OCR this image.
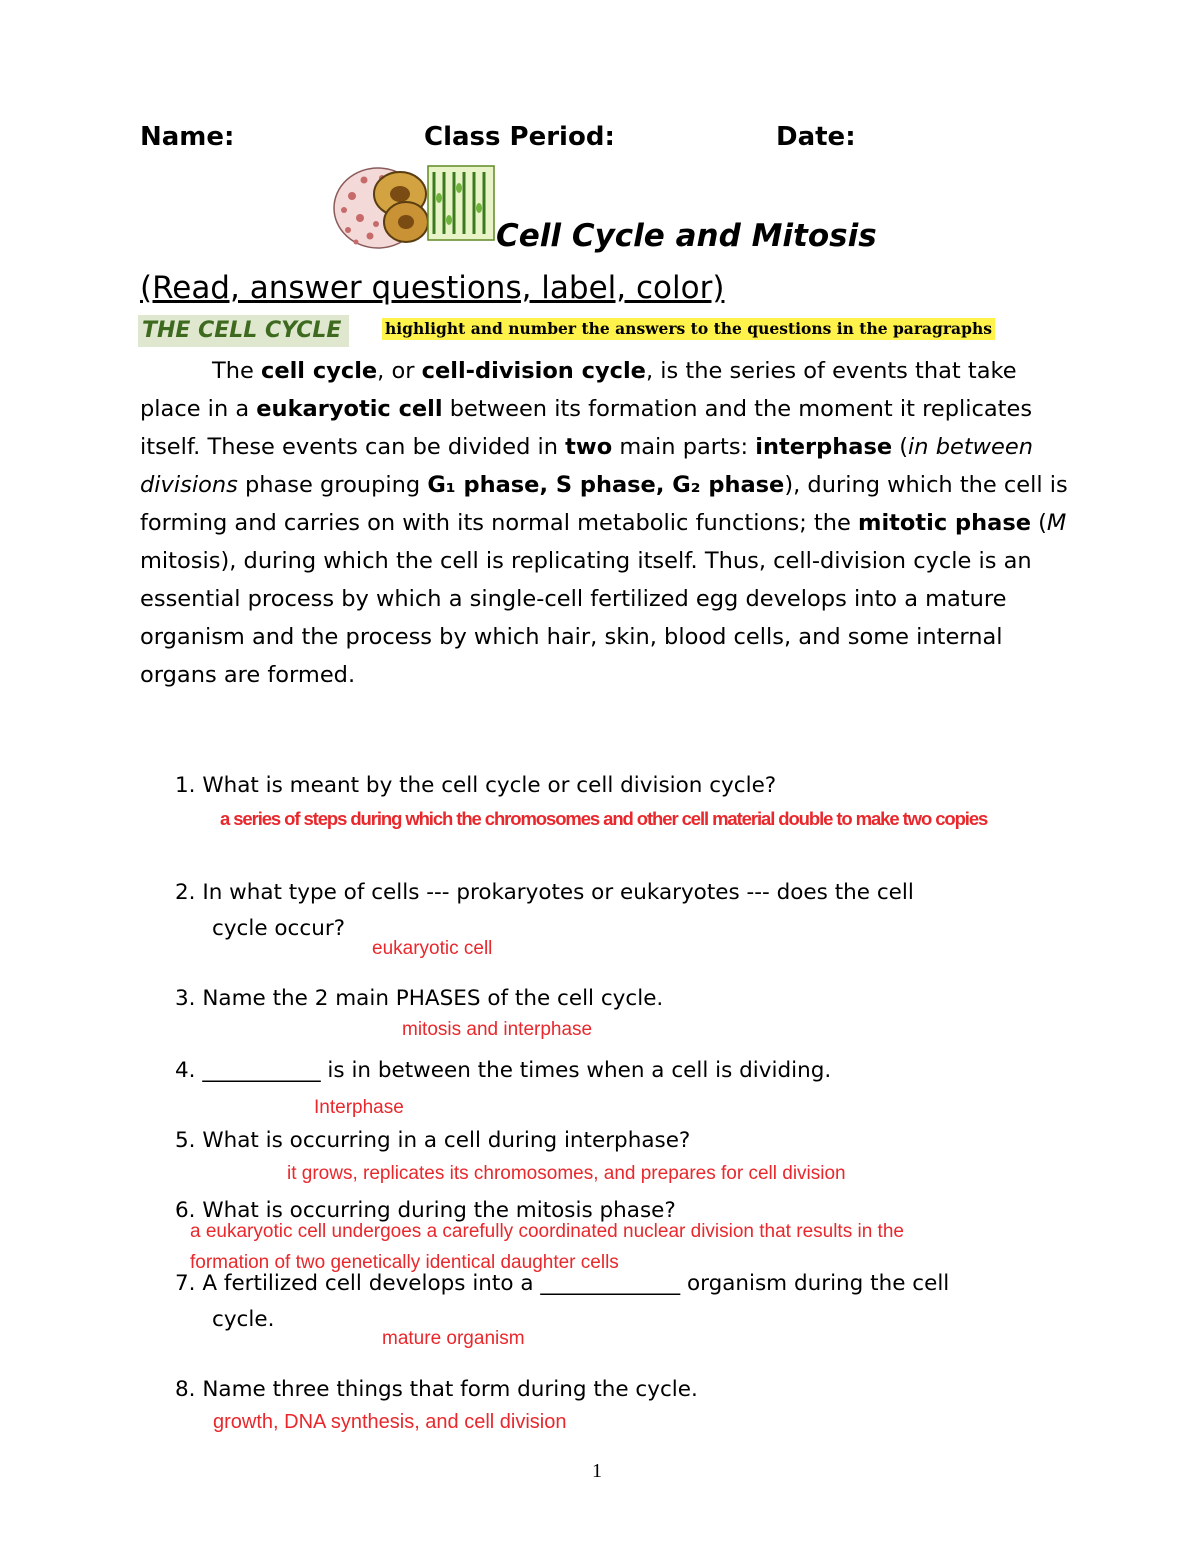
Name:	Class Period:	Date:
Cell Cycle and Mitosis
(Read, answer questions, label, color)
THE CELL CYCLE	highlight and number the answers to the questions in the paragraphs

The cell cycle, or cell-division cycle, is the series of events that take place in a eukaryotic cell between its formation and the moment it replicates itself. These events can be divided in two main parts: interphase (in between divisions phase grouping G₁ phase, S phase, G₂ phase), during which the cell is forming and carries on with its normal metabolic functions; the mitotic phase (M mitosis), during which the cell is replicating itself. Thus, cell-division cycle is an essential process by which a single-cell fertilized egg develops into a mature organism and the process by which hair, skin, blood cells, and some internal organs are formed.

1. What is meant by the cell cycle or cell division cycle?
a series of steps during which the chromosomes and other cell material double to make two copies
2. In what type of cells --- prokaryotes or eukaryotes --- does the cell
cycle occur?
eukaryotic cell
3. Name the 2 main PHASES of the cell cycle.
mitosis and interphase
4. ___________ is in between the times when a cell is dividing.
Interphase
5. What is occurring in a cell during interphase?
it grows, replicates its chromosomes, and prepares for cell division
6. What is occurring during the mitosis phase?
a eukaryotic cell undergoes a carefully coordinated nuclear division that results in the
formation of two genetically identical daughter cells
7. A fertilized cell develops into a _____________ organism during the cell
cycle.
mature organism
8. Name three things that form during the cycle.
growth, DNA synthesis, and cell division
1
